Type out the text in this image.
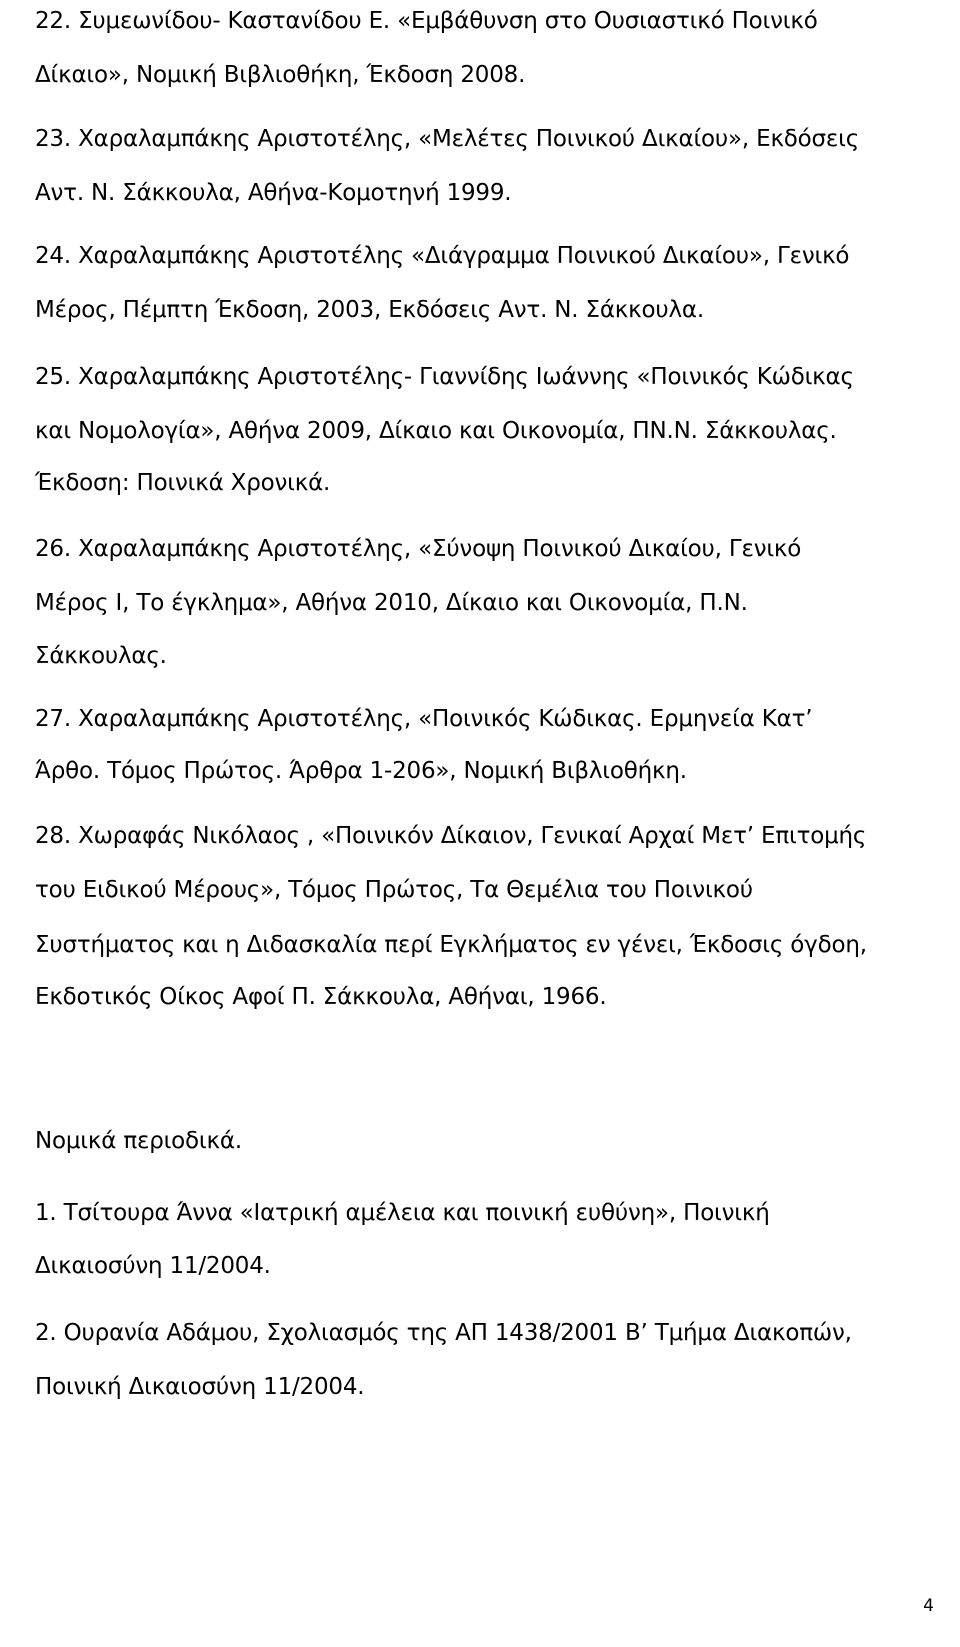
22. Συμεωνίδου- Καστανίδου Ε. «Εμβάθυνση στο Ουσιαστικό Ποινικό
Δίκαιο», Νομική Βιβλιοθήκη, Έκδοση 2008.
23. Χαραλαμπάκης Αριστοτέλης, «Μελέτες Ποινικού Δικαίου», Εκδόσεις
Αντ. Ν. Σάκκουλα, Αθήνα-Κομοτηνή 1999.
24. Χαραλαμπάκης Αριστοτέλης «Διάγραμμα Ποινικού Δικαίου», Γενικό
Μέρος, Πέμπτη Έκδοση, 2003, Εκδόσεις Αντ. Ν. Σάκκουλα.
25. Χαραλαμπάκης Αριστοτέλης- Γιαννίδης Ιωάννης «Ποινικός Κώδικας
και Νομολογία», Αθήνα 2009, Δίκαιο και Οικονομία, ΠΝ.Ν. Σάκκουλας.
Έκδοση: Ποινικά Χρονικά.
26. Χαραλαμπάκης Αριστοτέλης, «Σύνοψη Ποινικού Δικαίου, Γενικό
Μέρος Ι, Το έγκλημα», Αθήνα 2010, Δίκαιο και Οικονομία, Π.Ν.
Σάκκουλας.
27. Χαραλαμπάκης Αριστοτέλης, «Ποινικός Κώδικας. Ερμηνεία Κατ’
Άρθο. Τόμος Πρώτος. Άρθρα 1-206», Νομική Βιβλιοθήκη.
28. Χωραφάς Νικόλαος , «Ποινικόν Δίκαιον, Γενικαί Αρχαί Μετ’ Επιτομής
του Ειδικού Μέρους», Τόμος Πρώτος, Τα Θεμέλια του Ποινικού
Συστήματος και η Διδασκαλία περί Εγκλήματος εν γένει, Έκδοσις όγδοη,
Εκδοτικός Οίκος Αφοί Π. Σάκκουλα, Αθήναι, 1966.
Νομικά περιοδικά.
1. Τσίτουρα Άννα «Ιατρική αμέλεια και ποινική ευθύνη», Ποινική
Δικαιοσύνη 11/2004.
2. Ουρανία Αδάμου, Σχολιασμός της ΑΠ 1438/2001 Β’ Τμήμα Διακοπών,
Ποινική Δικαιοσύνη 11/2004.
4
